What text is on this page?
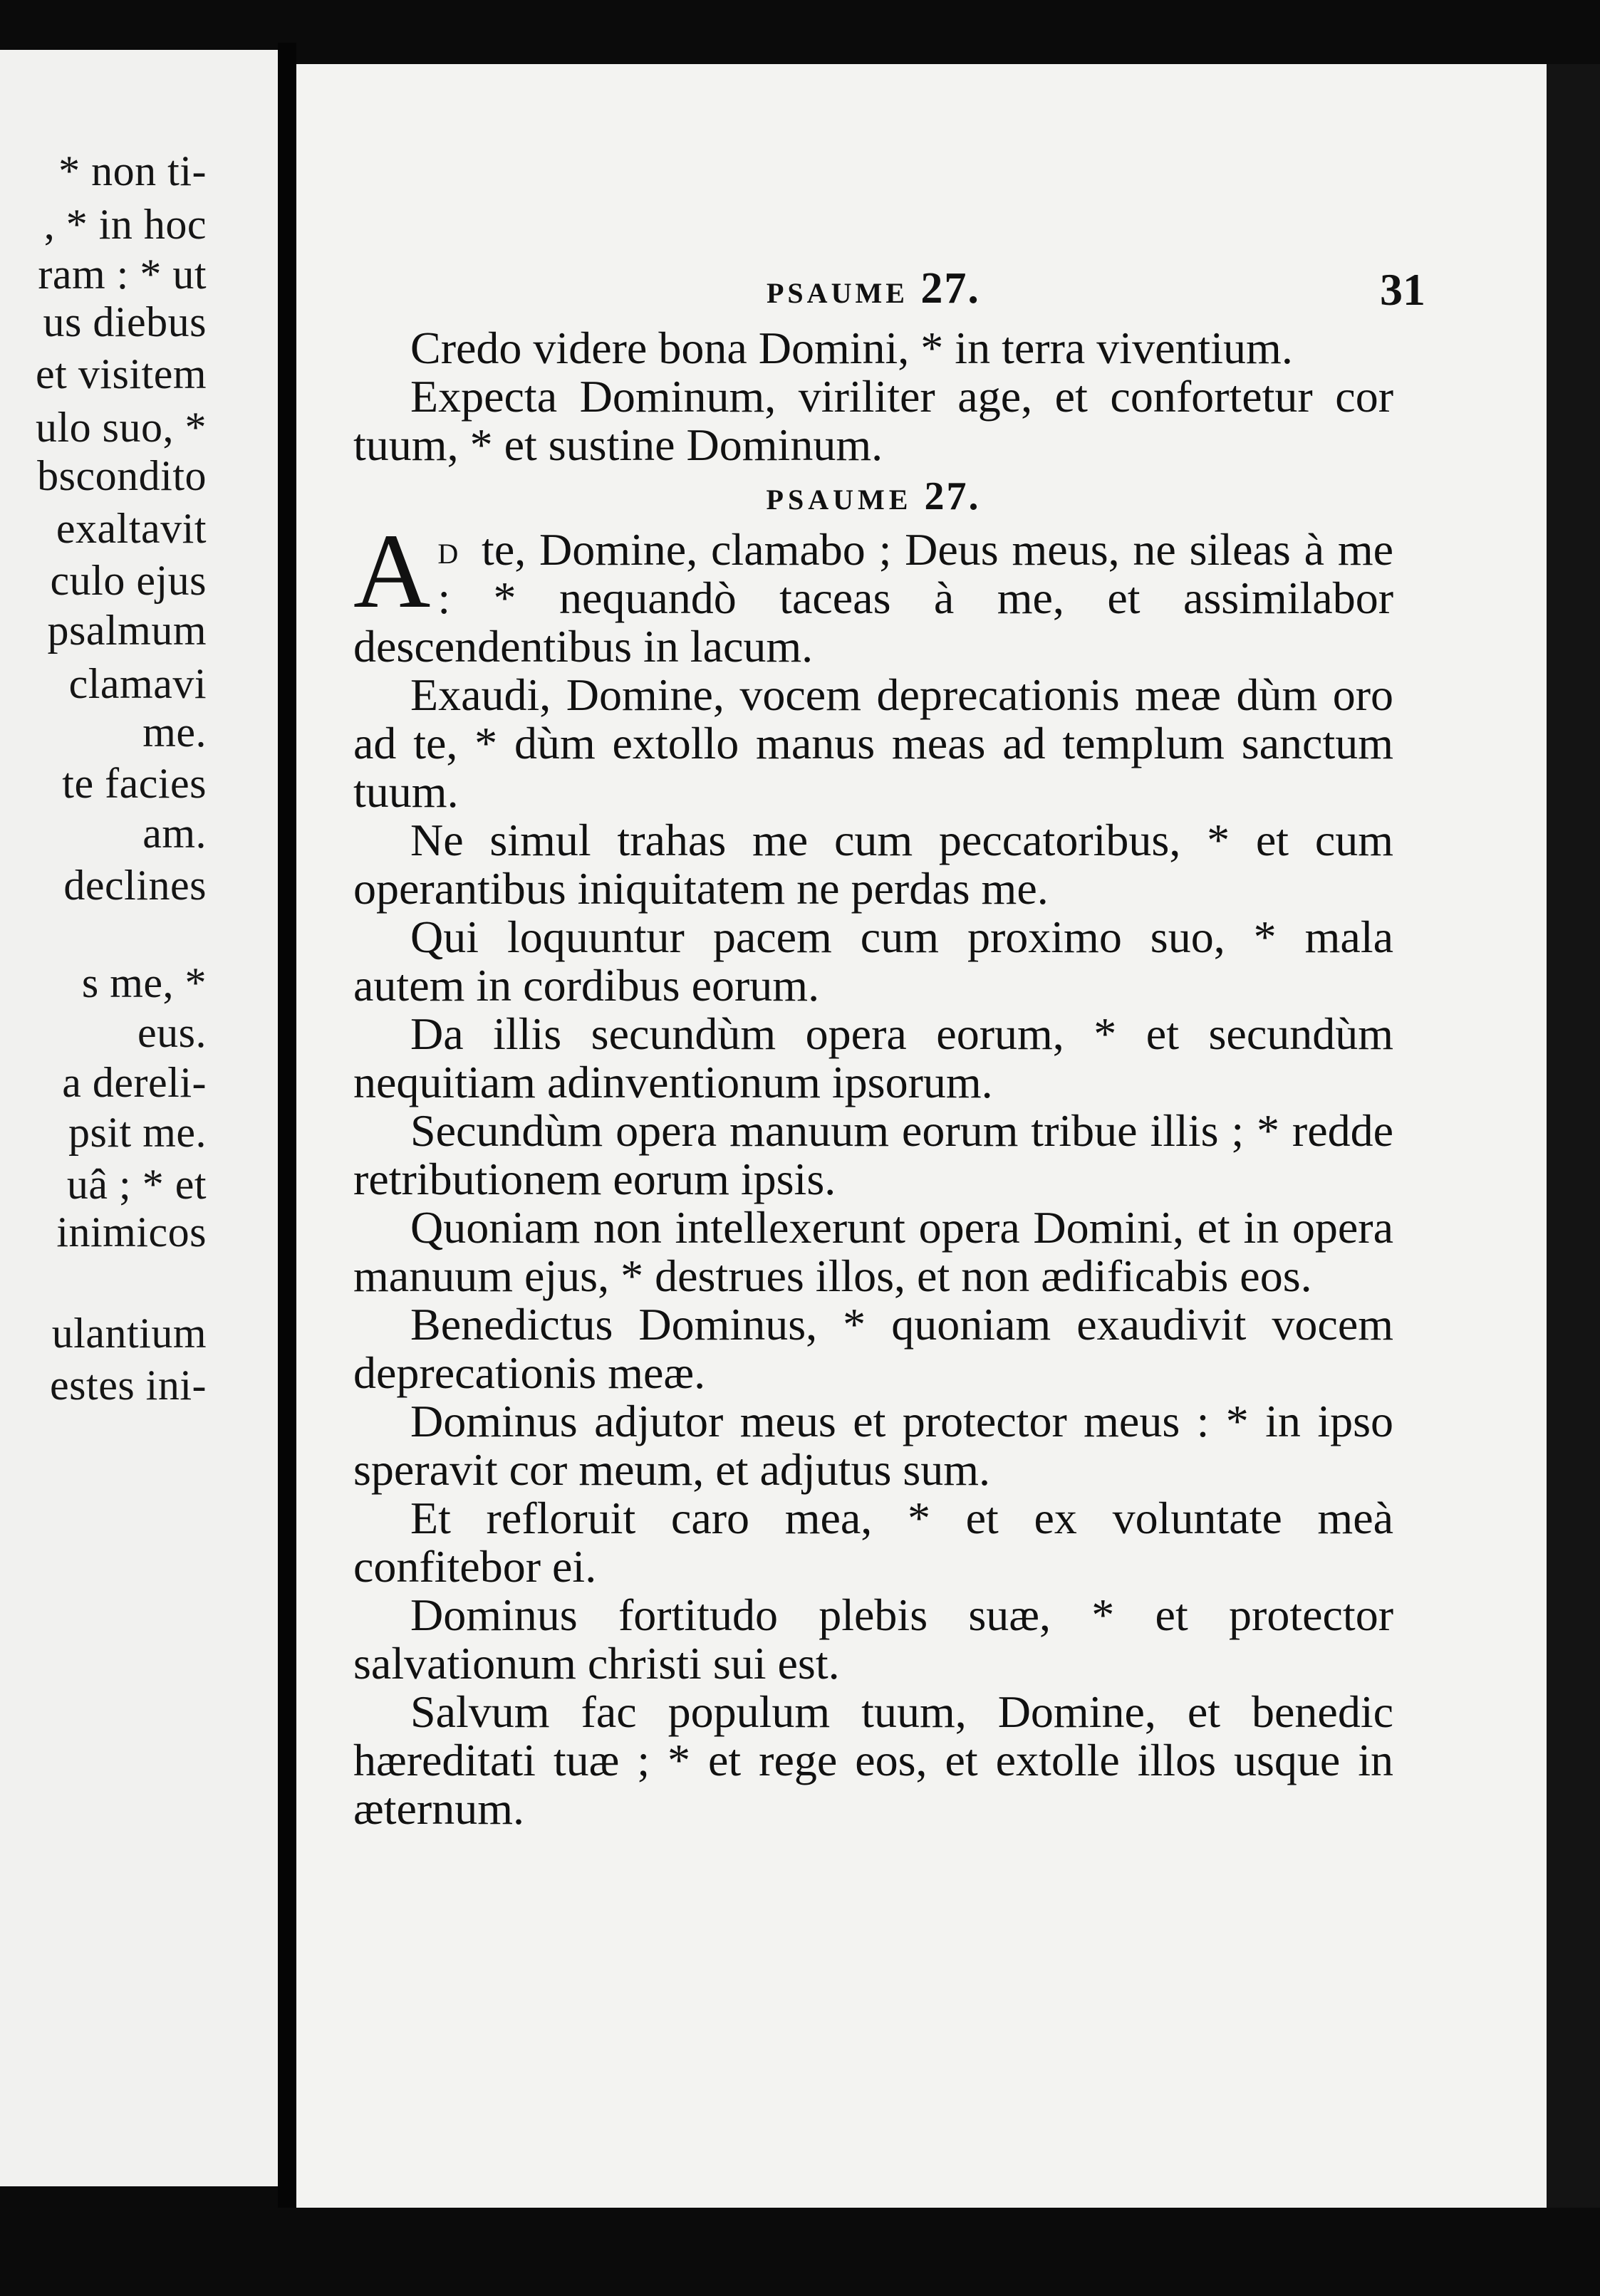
* non ti-
, * in hoc
ram : * ut
us diebus
et visitem
ulo suo, *
bscondito
exaltavit
culo ejus
psalmum
clamavi
me.
te facies
am.
declines
s me, *
eus.
a dereli-
psit me.
uâ ; * et
inimicos
ulantium
estes ini-
PSAUME 27.	31

Credo videre bona Domini, * in terra viventium.

Expecta Dominum, viriliter age, et confortetur cor tuum, * et sustine Dominum.

PSAUME 27.

A $^D$ te, Domine, clamabo ; Deus meus, ne sileas à me : * nequandò taceas à me, et assimilabor descendentibus in lacum.

Exaudi, Domine, vocem deprecationis meæ dùm oro ad te, * dùm extollo manus meas ad templum sanctum tuum.

Ne simul trahas me cum peccatoribus, * et cum operantibus iniquitatem ne perdas me.

Qui loquuntur pacem cum proximo suo, * mala autem in cordibus eorum.

Da illis secundùm opera eorum, * et secundùm nequitiam adinventionum ipsorum.

Secundùm opera manuum eorum tribue illis ; * redde retributionem eorum ipsis.

Quoniam non intellexerunt opera Domini, et in opera manuum ejus, * destrues illos, et non ædificabis eos.

Benedictus Dominus, * quoniam exaudivit vocem deprecationis meæ.

Dominus adjutor meus et protector meus : * in ipso speravit cor meum, et adjutus sum.

Et refloruit caro mea, * et ex voluntate meà confitebor ei.

Dominus fortitudo plebis suæ, * et protector salvationum christi sui est.

Salvum fac populum tuum, Domine, et benedic hæreditati tuæ ; * et rege eos, et extolle illos usque in æternum.
